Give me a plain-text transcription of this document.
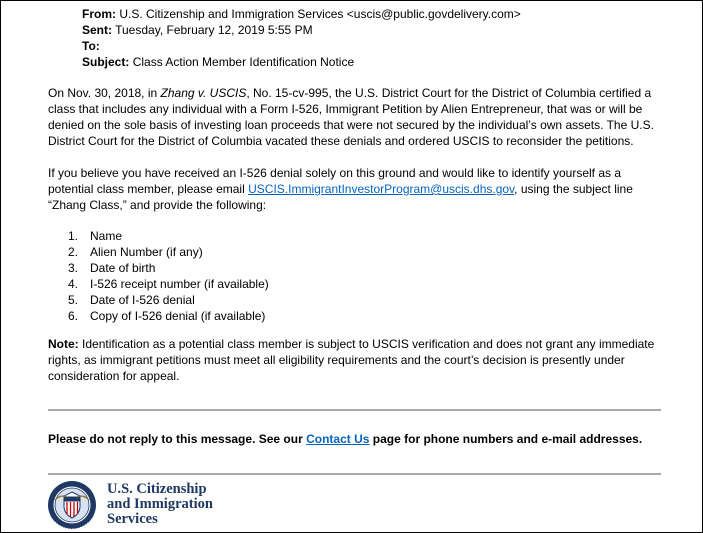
From: U.S. Citizenship and Immigration Services <uscis@public.govdelivery.com>
Sent: Tuesday, February 12, 2019 5:55 PM
To:
Subject: Class Action Member Identification Notice
On Nov. 30, 2018, in Zhang v. USCIS, No. 15-cv-995, the U.S. District Court for the District of Columbia certified a class that includes any individual with a Form I-526, Immigrant Petition by Alien Entrepreneur, that was or will be denied on the sole basis of investing loan proceeds that were not secured by the individual’s own assets. The U.S. District Court for the District of Columbia vacated these denials and ordered USCIS to reconsider the petitions.
If you believe you have received an I-526 denial solely on this ground and would like to identify yourself as a potential class member, please email USCIS.ImmigrantInvestorProgram@uscis.dhs.gov, using the subject line “Zhang Class,” and provide the following:
1. Name
2. Alien Number (if any)
3. Date of birth
4. I-526 receipt number (if available)
5. Date of I-526 denial
6. Copy of I-526 denial (if available)
Note: Identification as a potential class member is subject to USCIS verification and does not grant any immediate rights, as immigrant petitions must meet all eligibility requirements and the court’s decision is presently under consideration for appeal.
Please do not reply to this message. See our Contact Us page for phone numbers and e-mail addresses.
U.S. Citizenship
and Immigration
Services
